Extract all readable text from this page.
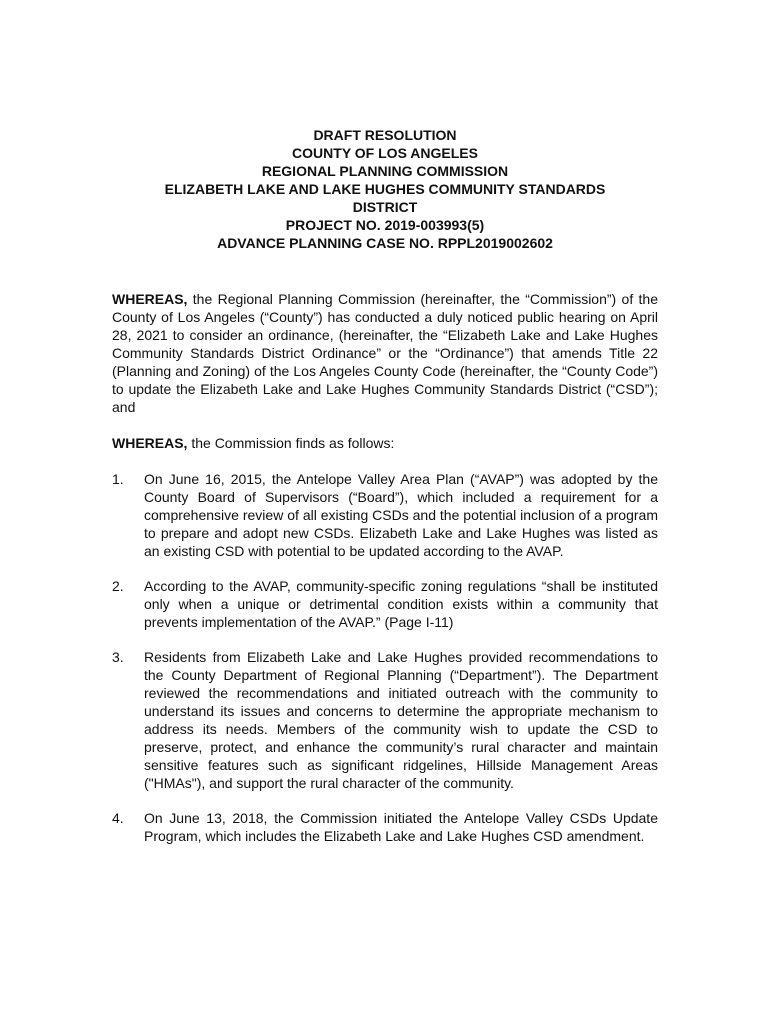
DRAFT RESOLUTION
COUNTY OF LOS ANGELES
REGIONAL PLANNING COMMISSION
ELIZABETH LAKE AND LAKE HUGHES COMMUNITY STANDARDS
DISTRICT
PROJECT NO. 2019-003993(5)
ADVANCE PLANNING CASE NO. RPPL2019002602

WHEREAS, the Regional Planning Commission (hereinafter, the “Commission”) of the County of Los Angeles (“County”) has conducted a duly noticed public hearing on April 28, 2021 to consider an ordinance, (hereinafter, the “Elizabeth Lake and Lake Hughes Community Standards District Ordinance” or the “Ordinance”) that amends Title 22 (Planning and Zoning) of the Los Angeles County Code (hereinafter, the “County Code”) to update the Elizabeth Lake and Lake Hughes Community Standards District (“CSD”); and

WHEREAS, the Commission finds as follows:

1.	On June 16, 2015, the Antelope Valley Area Plan (“AVAP”) was adopted by the County Board of Supervisors (“Board”), which included a requirement for a comprehensive review of all existing CSDs and the potential inclusion of a program to prepare and adopt new CSDs. Elizabeth Lake and Lake Hughes was listed as an existing CSD with potential to be updated according to the AVAP.
2.	According to the AVAP, community-specific zoning regulations “shall be instituted only when a unique or detrimental condition exists within a community that prevents implementation of the AVAP.” (Page I-11)
3.	Residents from Elizabeth Lake and Lake Hughes provided recommendations to the County Department of Regional Planning (“Department”). The Department reviewed the recommendations and initiated outreach with the community to understand its issues and concerns to determine the appropriate mechanism to address its needs. Members of the community wish to update the CSD to preserve, protect, and enhance the community’s rural character and maintain sensitive features such as significant ridgelines, Hillside Management Areas ("HMAs"), and support the rural character of the community.
4.	On June 13, 2018, the Commission initiated the Antelope Valley CSDs Update Program, which includes the Elizabeth Lake and Lake Hughes CSD amendment.
